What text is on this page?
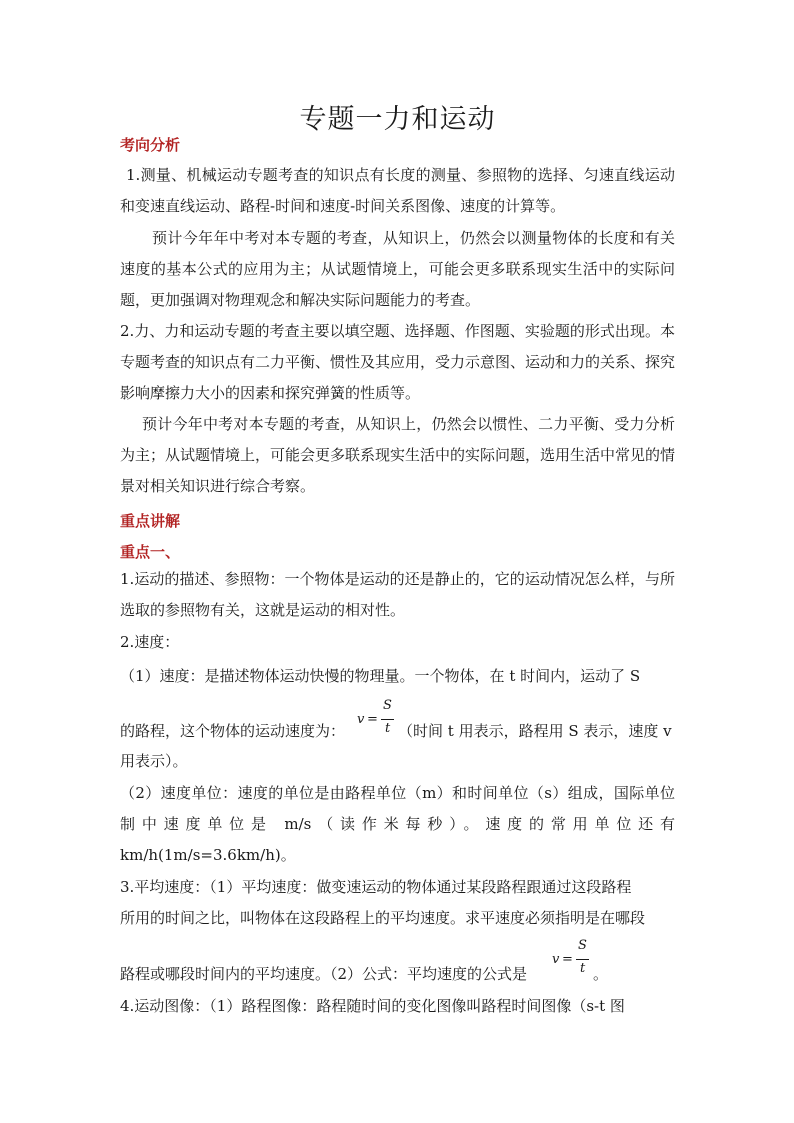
专题一力和运动
考向分析

1.测量、机械运动专题考查的知识点有长度的测量、参照物的选择、匀速直线运动和变速直线运动、路程-时间和速度-时间关系图像、速度的计算等。

预计今年年中考对本专题的考查，从知识上，仍然会以测量物体的长度和有关速度的基本公式的应用为主；从试题情境上，可能会更多联系现实生活中的实际问题，更加强调对物理观念和解决实际问题能力的考查。

2.力、力和运动专题的考查主要以填空题、选择题、作图题、实验题的形式出现。本专题考查的知识点有二力平衡、惯性及其应用，受力示意图、运动和力的关系、探究影响摩擦力大小的因素和探究弹簧的性质等。

预计今年中考对本专题的考查，从知识上，仍然会以惯性、二力平衡、受力分析为主；从试题情境上，可能会更多联系现实生活中的实际问题，选用生活中常见的情景对相关知识进行综合考察。

重点讲解
重点一、

1.运动的描述、参照物：一个物体是运动的还是静止的，它的运动情况怎么样，与所选取的参照物有关，这就是运动的相对性。

2.速度：

（1）速度：是描述物体运动快慢的物理量。一个物体，在 t 时间内，运动了 S
的路程，这个物体的运动速度为：
v =
S
t （时间 t 用表示，路程用 S 表示，速度 v
用表示）。

（2）速度单位：速度的单位是由路程单位（m）和时间单位（s）组成，国际单位制中速度单位是 m/s（读作米每秒）。速度的常用单位还有km/h(1m/s=3.6km/h)。

3.平均速度：（1）平均速度：做变速运动的物体通过某段路程跟通过这段路程
所用的时间之比，叫物体在这段路程上的平均速度。求平速度必须指明是在哪段
路程或哪段时间内的平均速度。（2）公式：平均速度的公式是
v =
S
t 。
4.运动图像：（1）路程图像：路程随时间的变化图像叫路程时间图像（s-t 图
